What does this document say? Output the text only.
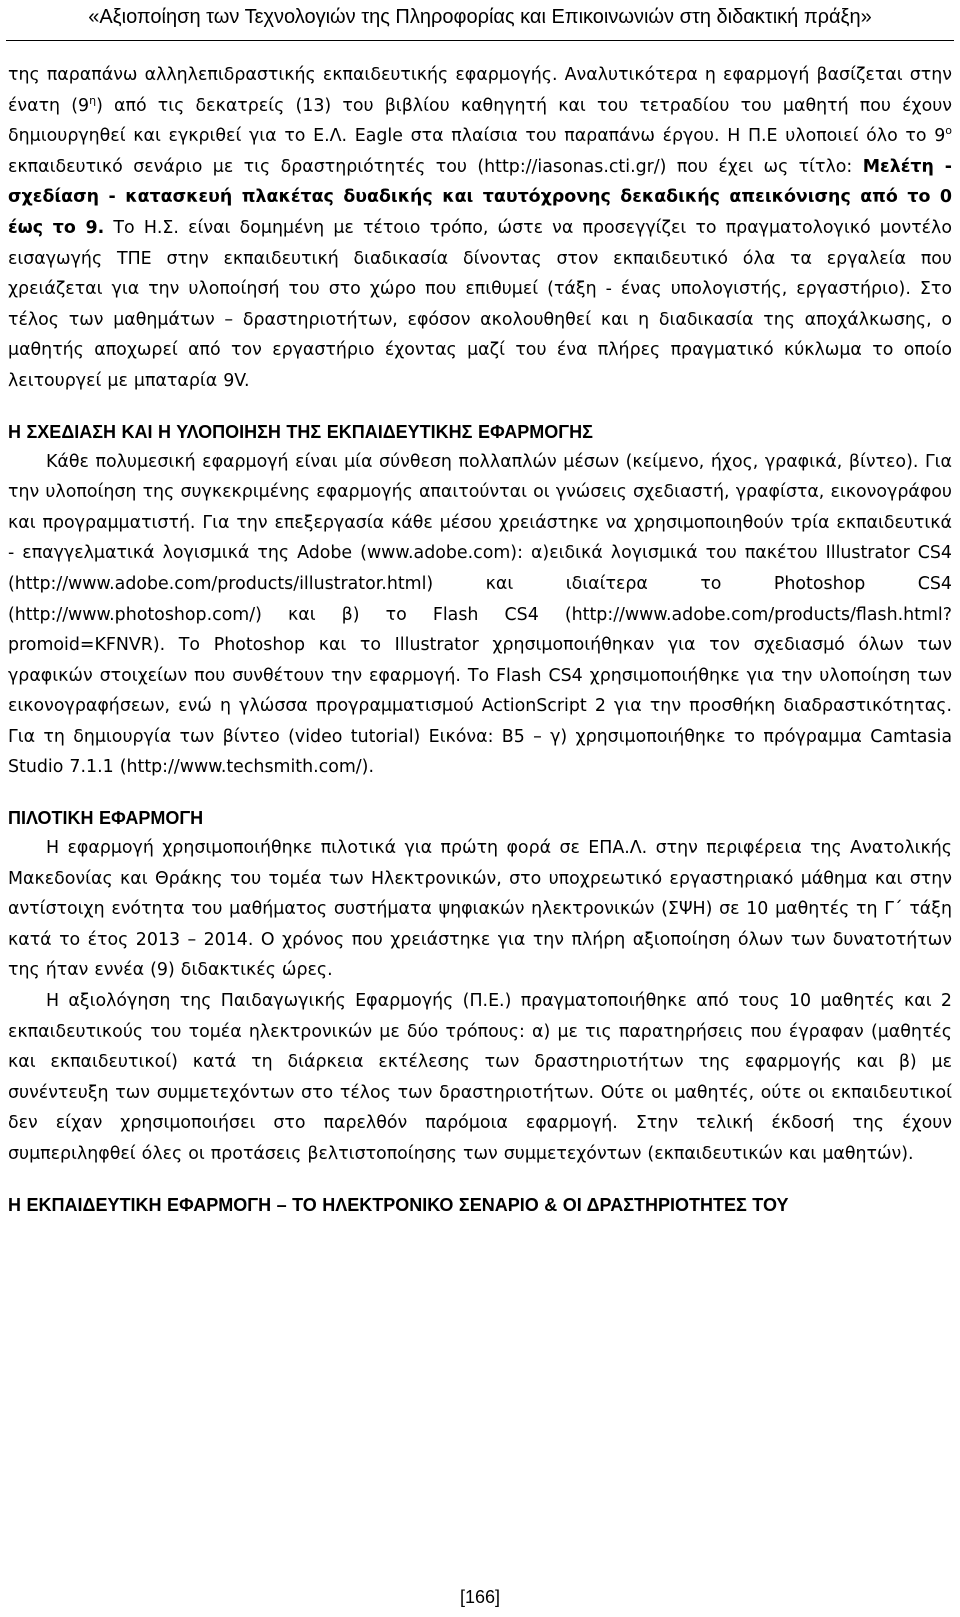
«Αξιοποίηση των Τεχνολογιών της Πληροφορίας και Επικοινωνιών στη διδακτική πράξη»

της παραπάνω αλληλεπιδραστικής εκπαιδευτικής εφαρμογής. Αναλυτικότερα η εφαρμογή βασίζεται στην ένατη $(9^\eta)$ από τις δεκατρείς (13) του βιβλίου καθηγητή και του τετραδίου του μαθητή που έχουν δημιουργηθεί και εγκριθεί για το Ε.Λ. Eagle στα πλαίσια του παραπάνω έργου. Η Π.Ε υλοποιεί όλο το $9^o$ εκπαιδευτικό σενάριο με τις δραστηριότητές του (http://iasonas.cti.gr/) που έχει ως τίτλο: Μελέτη - σχεδίαση - κατασκευή πλακέτας δυαδικής και ταυτόχρονης δεκαδικής απεικόνισης από το 0 έως το 9. Το Η.Σ. είναι δομημένη με τέτοιο τρόπο, ώστε να προσεγγίζει το πραγματολογικό μοντέλο εισαγωγής ΤΠΕ στην εκπαιδευτική διαδικασία δίνοντας στον εκπαιδευτικό όλα τα εργαλεία που χρειάζεται για την υλοποίησή του στο χώρο που επιθυμεί (τάξη - ένας υπολογιστής, εργαστήριο). Στο τέλος των μαθημάτων – δραστηριοτήτων, εφόσον ακολουθηθεί και η διαδικασία της αποχάλκωσης, ο μαθητής αποχωρεί από τον εργαστήριο έχοντας μαζί του ένα πλήρες πραγματικό κύκλωμα το οποίο λειτουργεί με μπαταρία 9V.

Η ΣΧΕΔΙΑΣΗ ΚΑΙ Η ΥΛΟΠΟΙΗΣΗ ΤΗΣ ΕΚΠΑΙΔΕΥΤΙΚΗΣ ΕΦΑΡΜΟΓΗΣ

Κάθε πολυμεσική εφαρμογή είναι μία σύνθεση πολλαπλών μέσων (κείμενο, ήχος, γραφικά, βίντεο). Για την υλοποίηση της συγκεκριμένης εφαρμογής απαιτούνται οι γνώσεις σχεδιαστή, γραφίστα, εικονογράφου και προγραμματιστή. Για την επεξεργασία κάθε μέσου χρειάστηκε να χρησιμοποιηθούν τρία εκπαιδευτικά - επαγγελματικά λογισμικά της Adobe (www.adobe.com): α)ειδικά λογισμικά του πακέτου Illustrator CS4 (http://www.adobe.com/products/illustrator.html) και ιδιαίτερα το Photoshop CS4 (http://www.photoshop.com/) και β) το Flash CS4 (http://www.adobe.com/products/flash.html? promoid=KFNVR). Το Photoshop και το Illustrator χρησιμοποιήθηκαν για τον σχεδιασμό όλων των γραφικών στοιχείων που συνθέτουν την εφαρμογή. Το Flash CS4 χρησιμοποιήθηκε για την υλοποίηση των εικονογραφήσεων, ενώ η γλώσσα προγραμματισμού ActionScript 2 για την προσθήκη διαδραστικότητας. Για τη δημιουργία των βίντεο (video tutorial) Εικόνα: Β5 – γ) χρησιμοποιήθηκε το πρόγραμμα Camtasia Studio 7.1.1 (http://www.techsmith.com/).

ΠΙΛΟΤΙΚΗ ΕΦΑΡΜΟΓΗ

Η εφαρμογή χρησιμοποιήθηκε πιλοτικά για πρώτη φορά σε ΕΠΑ.Λ. στην περιφέρεια της Ανατολικής Μακεδονίας και Θράκης του τομέα των Ηλεκτρονικών, στο υποχρεωτικό εργαστηριακό μάθημα και στην αντίστοιχη ενότητα του μαθήματος συστήματα ψηφιακών ηλεκτρονικών (ΣΨΗ) σε 10 μαθητές τη Γ΄ τάξη κατά το έτος 2013 – 2014. Ο χρόνος που χρειάστηκε για την πλήρη αξιοποίηση όλων των δυνατοτήτων της ήταν εννέα (9) διδακτικές ώρες.

Η αξιολόγηση της Παιδαγωγικής Εφαρμογής (Π.Ε.) πραγματοποιήθηκε από τους 10 μαθητές και 2 εκπαιδευτικούς του τομέα ηλεκτρονικών με δύο τρόπους: α) με τις παρατηρήσεις που έγραφαν (μαθητές και εκπαιδευτικοί) κατά τη διάρκεια εκτέλεσης των δραστηριοτήτων της εφαρμογής και β) με συνέντευξη των συμμετεχόντων στο τέλος των δραστηριοτήτων. Ούτε οι μαθητές, ούτε οι εκπαιδευτικοί δεν είχαν χρησιμοποιήσει στο παρελθόν παρόμοια εφαρμογή. Στην τελική έκδοσή της έχουν συμπεριληφθεί όλες οι προτάσεις βελτιστοποίησης των συμμετεχόντων (εκπαιδευτικών και μαθητών).

Η ΕΚΠΑΙΔΕΥΤΙΚΗ ΕΦΑΡΜΟΓΗ – ΤΟ ΗΛΕΚΤΡΟΝΙΚΟ ΣΕΝΑΡΙΟ & ΟΙ ΔΡΑΣΤΗΡΙΟΤΗΤΕΣ ΤΟΥ

[166]
